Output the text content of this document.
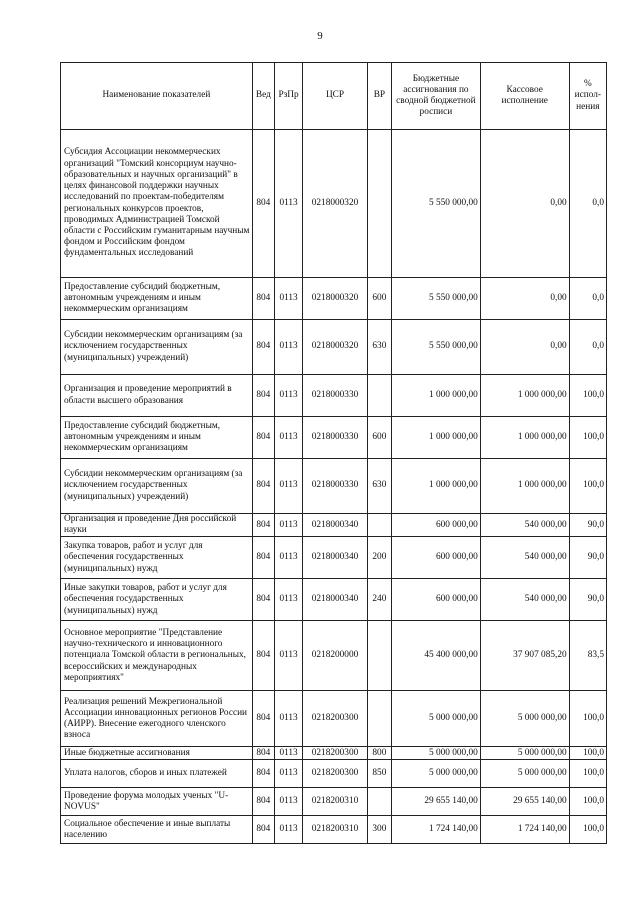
9
Наименование показателей	Вед	РзПр	ЦСР	ВР	Бюджетные ассигнования по сводной бюджетной росписи	Кассовое исполнение	% испол-нения
Субсидия Ассоциации некоммерческих организаций "Томский консорциум научно-образовательных и научных организаций" в целях финансовой поддержки научных исследований по проектам-победителям региональных конкурсов проектов, проводимых Администрацией Томской области с Российским гуманитарным научным фондом и Российским фондом фундаментальных исследований	804	0113	0218000320		5 550 000,00	0,00	0,0
Предоставление субсидий бюджетным, автономным учреждениям и иным некоммерческим организациям	804	0113	0218000320	600	5 550 000,00	0,00	0,0
Субсидии некоммерческим организациям (за исключением государственных (муниципальных) учреждений)	804	0113	0218000320	630	5 550 000,00	0,00	0,0
Организация и проведение мероприятий в области высшего образования	804	0113	0218000330		1 000 000,00	1 000 000,00	100,0
Предоставление субсидий бюджетным, автономным учреждениям и иным некоммерческим организациям	804	0113	0218000330	600	1 000 000,00	1 000 000,00	100,0
Субсидии некоммерческим организациям (за исключением государственных (муниципальных) учреждений)	804	0113	0218000330	630	1 000 000,00	1 000 000,00	100,0
Организация и проведение Дня российской науки	804	0113	0218000340		600 000,00	540 000,00	90,0
Закупка товаров, работ и услуг для обеспечения государственных (муниципальных) нужд	804	0113	0218000340	200	600 000,00	540 000,00	90,0
Иные закупки товаров, работ и услуг для обеспечения государственных (муниципальных) нужд	804	0113	0218000340	240	600 000,00	540 000,00	90,0
Основное мероприятие "Представление научно-технического и инновационного потенциала Томской области в региональных, всероссийских и международных мероприятиях"	804	0113	0218200000		45 400 000,00	37 907 085,20	83,5
Реализация решений Межрегиональной Ассоциации инновационных регионов России (АИРР). Внесение ежегодного членского взноса	804	0113	0218200300		5 000 000,00	5 000 000,00	100,0
Иные бюджетные ассигнования	804	0113	0218200300	800	5 000 000,00	5 000 000,00	100,0
Уплата налогов, сборов и иных платежей	804	0113	0218200300	850	5 000 000,00	5 000 000,00	100,0
Проведение форума молодых ученых "U-NOVUS"	804	0113	0218200310		29 655 140,00	29 655 140,00	100,0
Социальное обеспечение и иные выплаты населению	804	0113	0218200310	300	1 724 140,00	1 724 140,00	100,0
